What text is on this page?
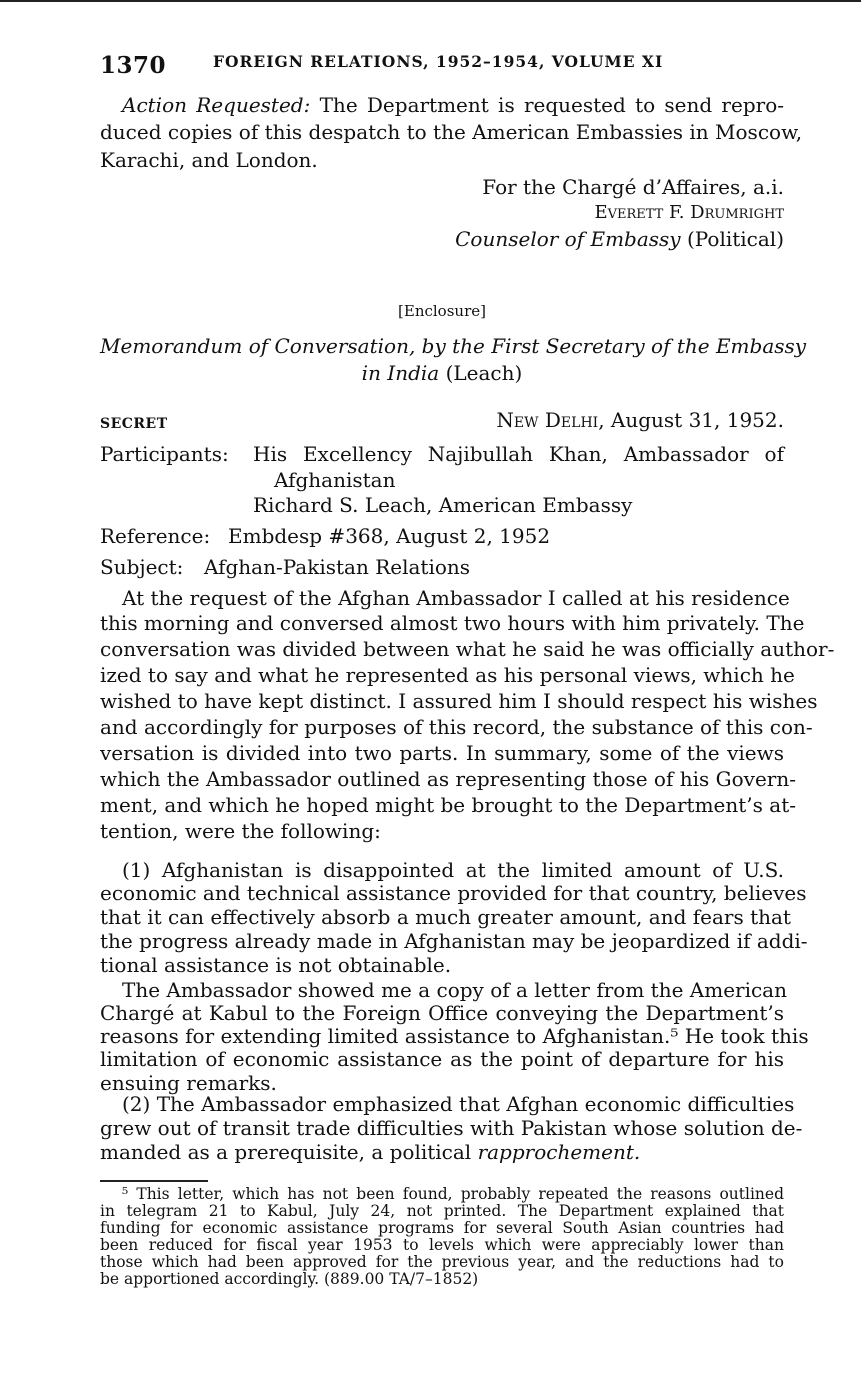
1370	FOREIGN RELATIONS, 1952–1954, VOLUME XI
Action Requested: The Department is requested to send repro-
duced copies of this despatch to the American Embassies in Moscow,
Karachi, and London.
For the Chargé d’Affaires, a.i.
Everett F. Drumright
Counselor of Embassy (Political)
[Enclosure]
Memorandum of Conversation, by the First Secretary of the Embassy
in India (Leach)
SECRET	New Delhi, August 31, 1952.
Participants: His Excellency Najibullah Khan, Ambassador of
Afghanistan
Richard S. Leach, American Embassy
Reference: Embdesp #368, August 2, 1952
Subject: Afghan-Pakistan Relations
At the request of the Afghan Ambassador I called at his residence
this morning and conversed almost two hours with him privately. The
conversation was divided between what he said he was officially author-
ized to say and what he represented as his personal views, which he
wished to have kept distinct. I assured him I should respect his wishes
and accordingly for purposes of this record, the substance of this con-
versation is divided into two parts. In summary, some of the views
which the Ambassador outlined as representing those of his Govern-
ment, and which he hoped might be brought to the Department’s at-
tention, were the following:
(1) Afghanistan is disappointed at the limited amount of U.S.
economic and technical assistance provided for that country, believes
that it can effectively absorb a much greater amount, and fears that
the progress already made in Afghanistan may be jeopardized if addi-
tional assistance is not obtainable.
The Ambassador showed me a copy of a letter from the American
Chargé at Kabul to the Foreign Office conveying the Department’s
reasons for extending limited assistance to Afghanistan.⁵ He took this
limitation of economic assistance as the point of departure for his
ensuing remarks.
(2) The Ambassador emphasized that Afghan economic difficulties
grew out of transit trade difficulties with Pakistan whose solution de-
manded as a prerequisite, a political rapprochement.
⁵ This letter, which has not been found, probably repeated the reasons outlined
in telegram 21 to Kabul, July 24, not printed. The Department explained that
funding for economic assistance programs for several South Asian countries had
been reduced for fiscal year 1953 to levels which were appreciably lower than
those which had been approved for the previous year, and the reductions had to
be apportioned accordingly. (889.00 TA/7–1852)
